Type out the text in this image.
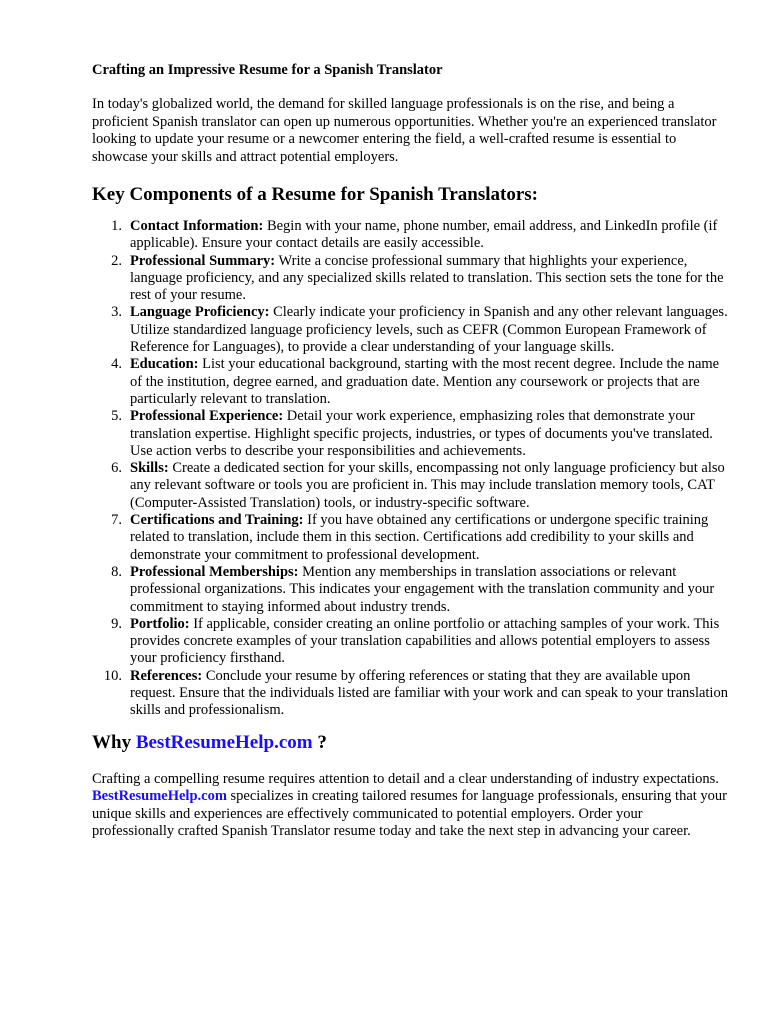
Crafting an Impressive Resume for a Spanish Translator

In today's globalized world, the demand for skilled language professionals is on the rise, and being a proficient Spanish translator can open up numerous opportunities. Whether you're an experienced translator looking to update your resume or a newcomer entering the field, a well-crafted resume is essential to showcase your skills and attract potential employers.

Key Components of a Resume for Spanish Translators:
1. Contact Information: Begin with your name, phone number, email address, and LinkedIn profile (if applicable). Ensure your contact details are easily accessible.
2. Professional Summary: Write a concise professional summary that highlights your experience, language proficiency, and any specialized skills related to translation. This section sets the tone for the rest of your resume.
3. Language Proficiency: Clearly indicate your proficiency in Spanish and any other relevant languages. Utilize standardized language proficiency levels, such as CEFR (Common European Framework of Reference for Languages), to provide a clear understanding of your language skills.
4. Education: List your educational background, starting with the most recent degree. Include the name of the institution, degree earned, and graduation date. Mention any coursework or projects that are particularly relevant to translation.
5. Professional Experience: Detail your work experience, emphasizing roles that demonstrate your translation expertise. Highlight specific projects, industries, or types of documents you've translated. Use action verbs to describe your responsibilities and achievements.
6. Skills: Create a dedicated section for your skills, encompassing not only language proficiency but also any relevant software or tools you are proficient in. This may include translation memory tools, CAT (Computer-Assisted Translation) tools, or industry-specific software.
7. Certifications and Training: If you have obtained any certifications or undergone specific training related to translation, include them in this section. Certifications add credibility to your skills and demonstrate your commitment to professional development.
8. Professional Memberships: Mention any memberships in translation associations or relevant professional organizations. This indicates your engagement with the translation community and your commitment to staying informed about industry trends.
9. Portfolio: If applicable, consider creating an online portfolio or attaching samples of your work. This provides concrete examples of your translation capabilities and allows potential employers to assess your proficiency firsthand.
10. References: Conclude your resume by offering references or stating that they are available upon request. Ensure that the individuals listed are familiar with your work and can speak to your translation skills and professionalism.
Why BestResumeHelp.com ?

Crafting a compelling resume requires attention to detail and a clear understanding of industry expectations. BestResumeHelp.com specializes in creating tailored resumes for language professionals, ensuring that your unique skills and experiences are effectively communicated to potential employers. Order your professionally crafted Spanish Translator resume today and take the next step in advancing your career.
